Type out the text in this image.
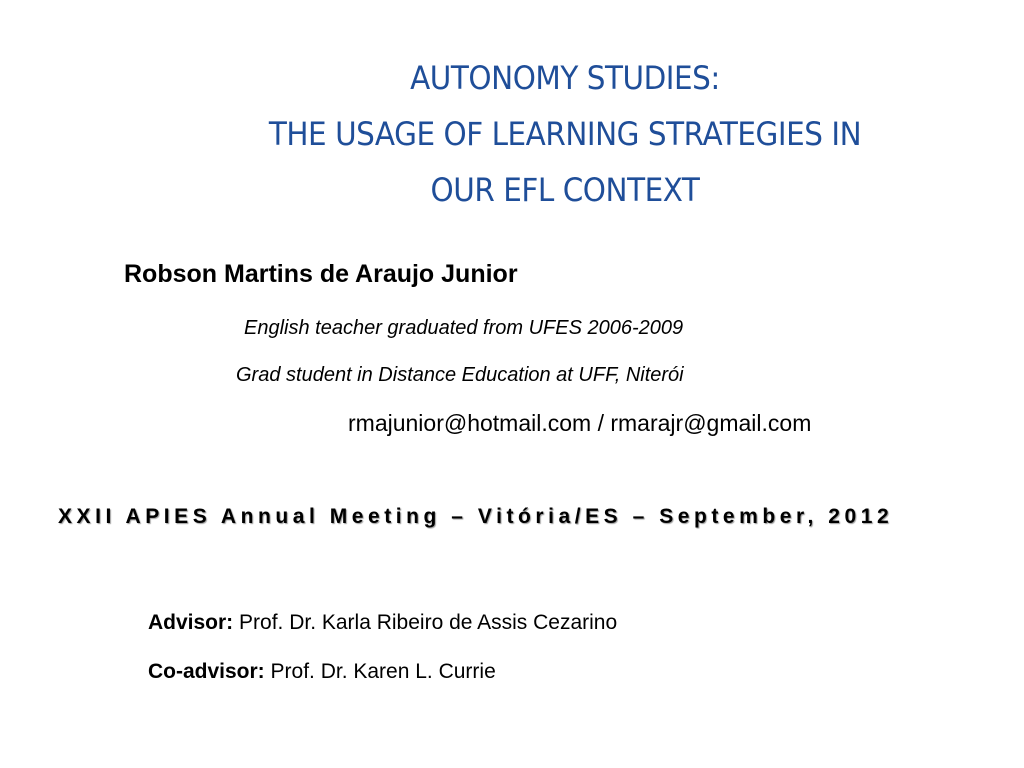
AUTONOMY STUDIES:
THE USAGE OF LEARNING STRATEGIES IN
OUR EFL CONTEXT
Robson Martins de Araujo Junior
English teacher graduated from UFES 2006-2009
Grad student in Distance Education at UFF, Niterói
rmajunior@hotmail.com / rmarajr@gmail.com
XXII APIES Annual Meeting – Vitória/ES – September, 2012
Advisor: Prof. Dr. Karla Ribeiro de Assis Cezarino
Co-advisor: Prof. Dr. Karen L. Currie
